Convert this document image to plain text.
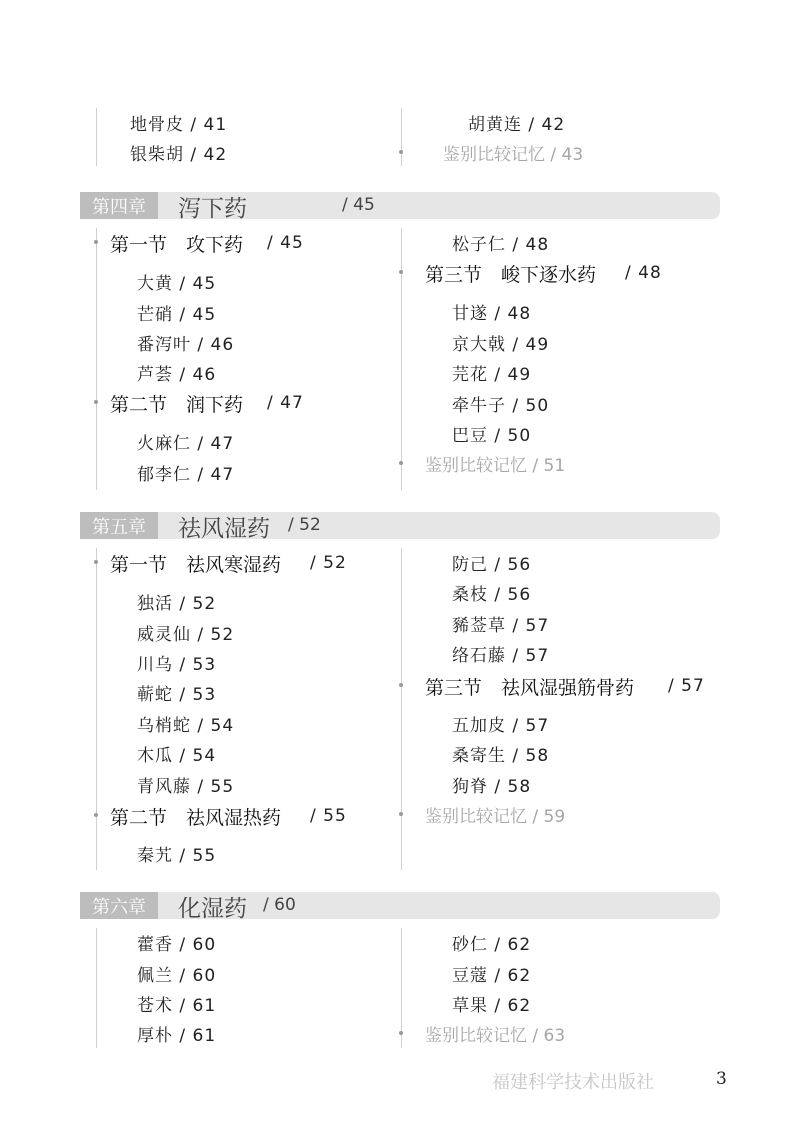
地骨皮 / 41
银柴胡 / 42
胡黄连 / 42
鉴别比较记忆 / 43
第四章	泻下药	/ 45
第一节　攻下药 / 45
大黄 / 45
芒硝 / 45
番泻叶 / 46
芦荟 / 46
第二节　润下药 / 47
火麻仁 / 47
郁李仁 / 47
松子仁 / 48
第三节　峻下逐水药 / 48
甘遂 / 48
京大戟 / 49
芫花 / 49
牵牛子 / 50
巴豆 / 50
鉴别比较记忆 / 51
第五章	祛风湿药 / 52
第一节　祛风寒湿药 / 52
独活 / 52
威灵仙 / 52
川乌 / 53
蕲蛇 / 53
乌梢蛇 / 54
木瓜 / 54
青风藤 / 55
第二节　祛风湿热药 / 55
秦艽 / 55
防己 / 56
桑枝 / 56
豨莶草 / 57
络石藤 / 57
第三节　祛风湿强筋骨药 / 57
五加皮 / 57
桑寄生 / 58
狗脊 / 58
鉴别比较记忆 / 59
第六章	化湿药 / 60
藿香 / 60
佩兰 / 60
苍术 / 61
厚朴 / 61
砂仁 / 62
豆蔻 / 62
草果 / 62
鉴别比较记忆 / 63
福建科学技术出版社	3
